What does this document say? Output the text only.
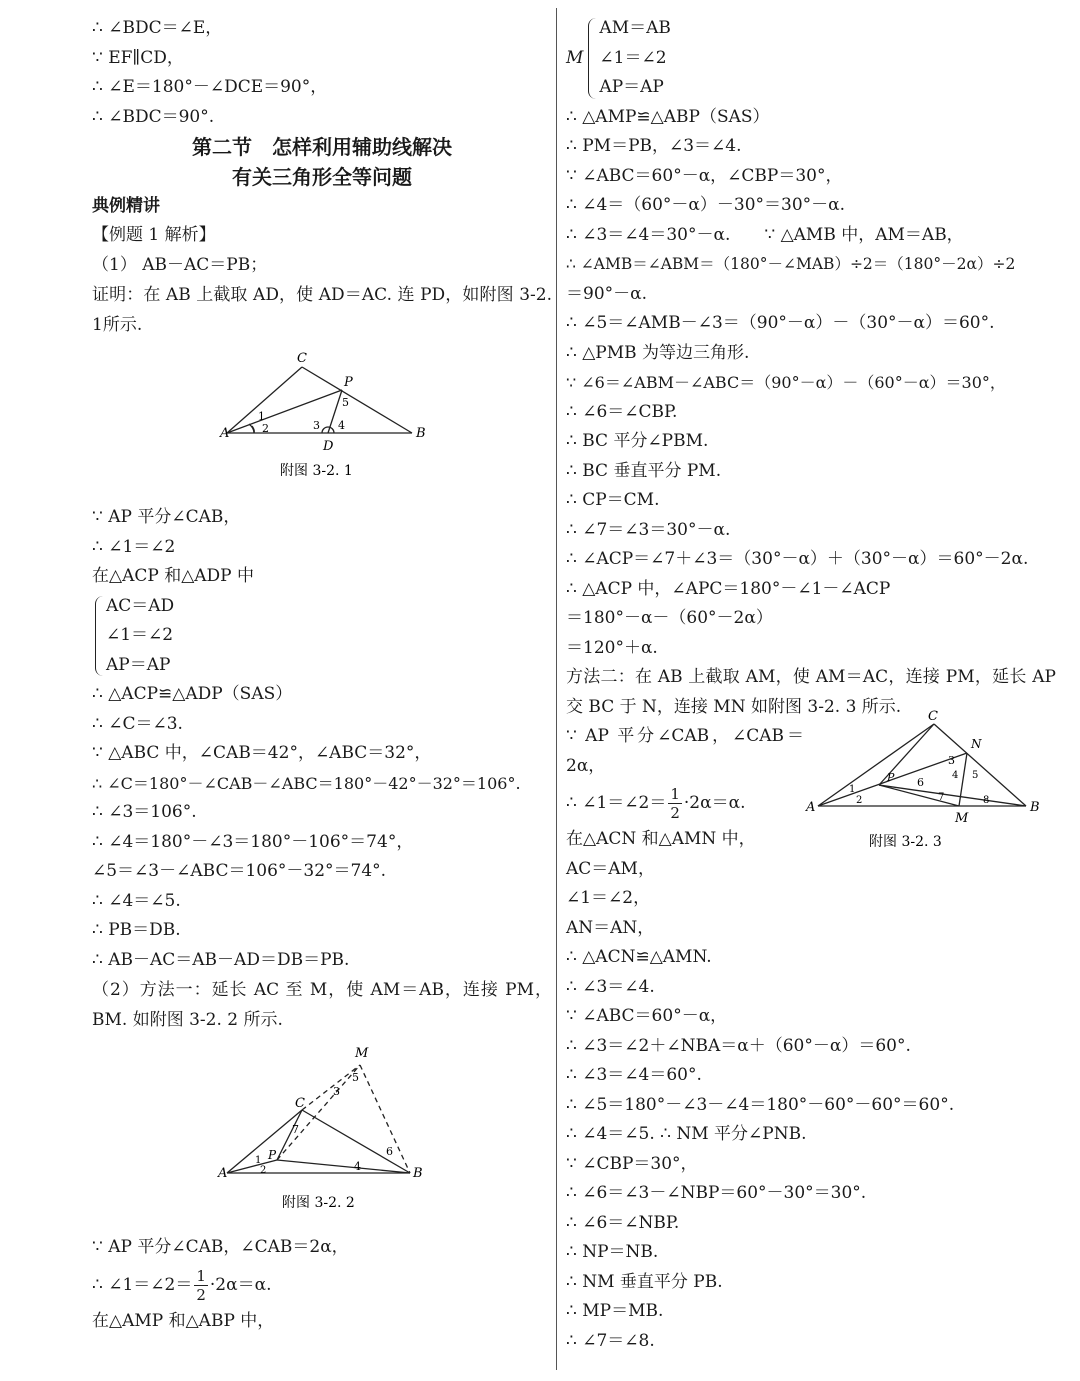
∴ ∠BDC＝∠E，
∵ EF∥CD，
∴ ∠E＝180°－∠DCE＝90°，
∴ ∠BDC＝90°.
第二节　怎样利用辅助线解决
有关三角形全等问题
典例精讲
【例题 1 解析】
（1） AB－AC＝PB；
证明：在 AB 上截取 AD，使 AD＝AC. 连 PD，如附图 3-2. 1所示.
A	B
C
D
P
1
2	3 4
5
附图 3-2. 1
∵ AP 平分∠CAB，
∴ ∠1＝∠2
在△ACP 和△ADP 中
AC＝AD
∠1＝∠2
AP＝AP
∴ △ACP≌△ADP（SAS）
∴ ∠C＝∠3.
∵ △ABC 中，∠CAB＝42°，∠ABC＝32°，
∴ ∠C＝180°－∠CAB－∠ABC＝180°－42°－32°＝106°.
∴ ∠3＝106°.
∴ ∠4＝180°－∠3＝180°－106°＝74°，
∠5＝∠3－∠ABC＝106°－32°＝74°.
∴ ∠4＝∠5.
∴ PB＝DB.
∴ AB－AC＝AB－AD＝DB＝PB.
（2）方法一：延长 AC 至 M，使 AM＝AB，连接 PM，BM. 如附图 3-2. 2 所示.
A	B
C
M
P
1
2
3
4
5
6
7
附图 3-2. 2
∵ AP 平分∠CAB，∠CAB＝2α，
∴ ∠1＝∠2＝ $\frac{1}{2} \cdot 2\alpha=\alpha$.
在△AMP 和△ABP 中，
M
AM＝AB
∠1＝∠2
AP＝AP
∴ △AMP≌△ABP（SAS）
∴ PM＝PB，∠3＝∠4.
∵ ∠ABC＝60°－α，∠CBP＝30°，
∴ ∠4＝（60°－α）－30°＝30°－α.
∴ ∠3＝∠4＝30°－α.　　∵ △AMB 中，AM＝AB，
∴ ∠AMB＝∠ABM＝（180°－∠MAB）÷2＝（180°－2α）÷2
＝90°－α.
∴ ∠5＝∠AMB－∠3＝（90°－α）－（30°－α）＝60°.
∴ △PMB 为等边三角形.
∵ ∠6＝∠ABM－∠ABC＝（90°－α）－（60°－α）＝30°，
∴ ∠6＝∠CBP.
∴ BC 平分∠PBM.
∴ BC 垂直平分 PM.
∴ CP＝CM.
∴ ∠7＝∠3＝30°－α.
∴ ∠ACP＝∠7＋∠3＝（30°－α）＋（30°－α）＝60°－2α.
∴ △ACP 中，∠APC＝180°－∠1－∠ACP
＝180°－α－（60°－2α）
＝120°＋α.
方法二：在 AB 上截取 AM，使 AM＝AC，连接 PM，延长 AP 交 BC 于 N，连接 MN 如附图 3-2. 3 所示.
∵ AP 平分∠CAB，∠CAB＝2α，
∴ ∠1＝∠2＝ $\frac{1}{2} \cdot 2\alpha=\alpha$.
在△ACN 和△AMN 中，
AC＝AM，
∠1＝∠2，
AN＝AN，
A	B
C
M
N
P
1
2
3
4 5
6
7	8
附图 3-2. 3
∴ △ACN≌△AMN.
∴ ∠3＝∠4.
∵ ∠ABC＝60°－α，
∴ ∠3＝∠2＋∠NBA＝α＋（60°－α）＝60°.
∴ ∠3＝∠4＝60°.
∴ ∠5＝180°－∠3－∠4＝180°－60°－60°＝60°.
∴ ∠4＝∠5. ∴ NM 平分∠PNB.
∵ ∠CBP＝30°，
∴ ∠6＝∠3－∠NBP＝60°－30°＝30°.
∴ ∠6＝∠NBP.
∴ NP＝NB.
∴ NM 垂直平分 PB.
∴ MP＝MB.
∴ ∠7＝∠8.
